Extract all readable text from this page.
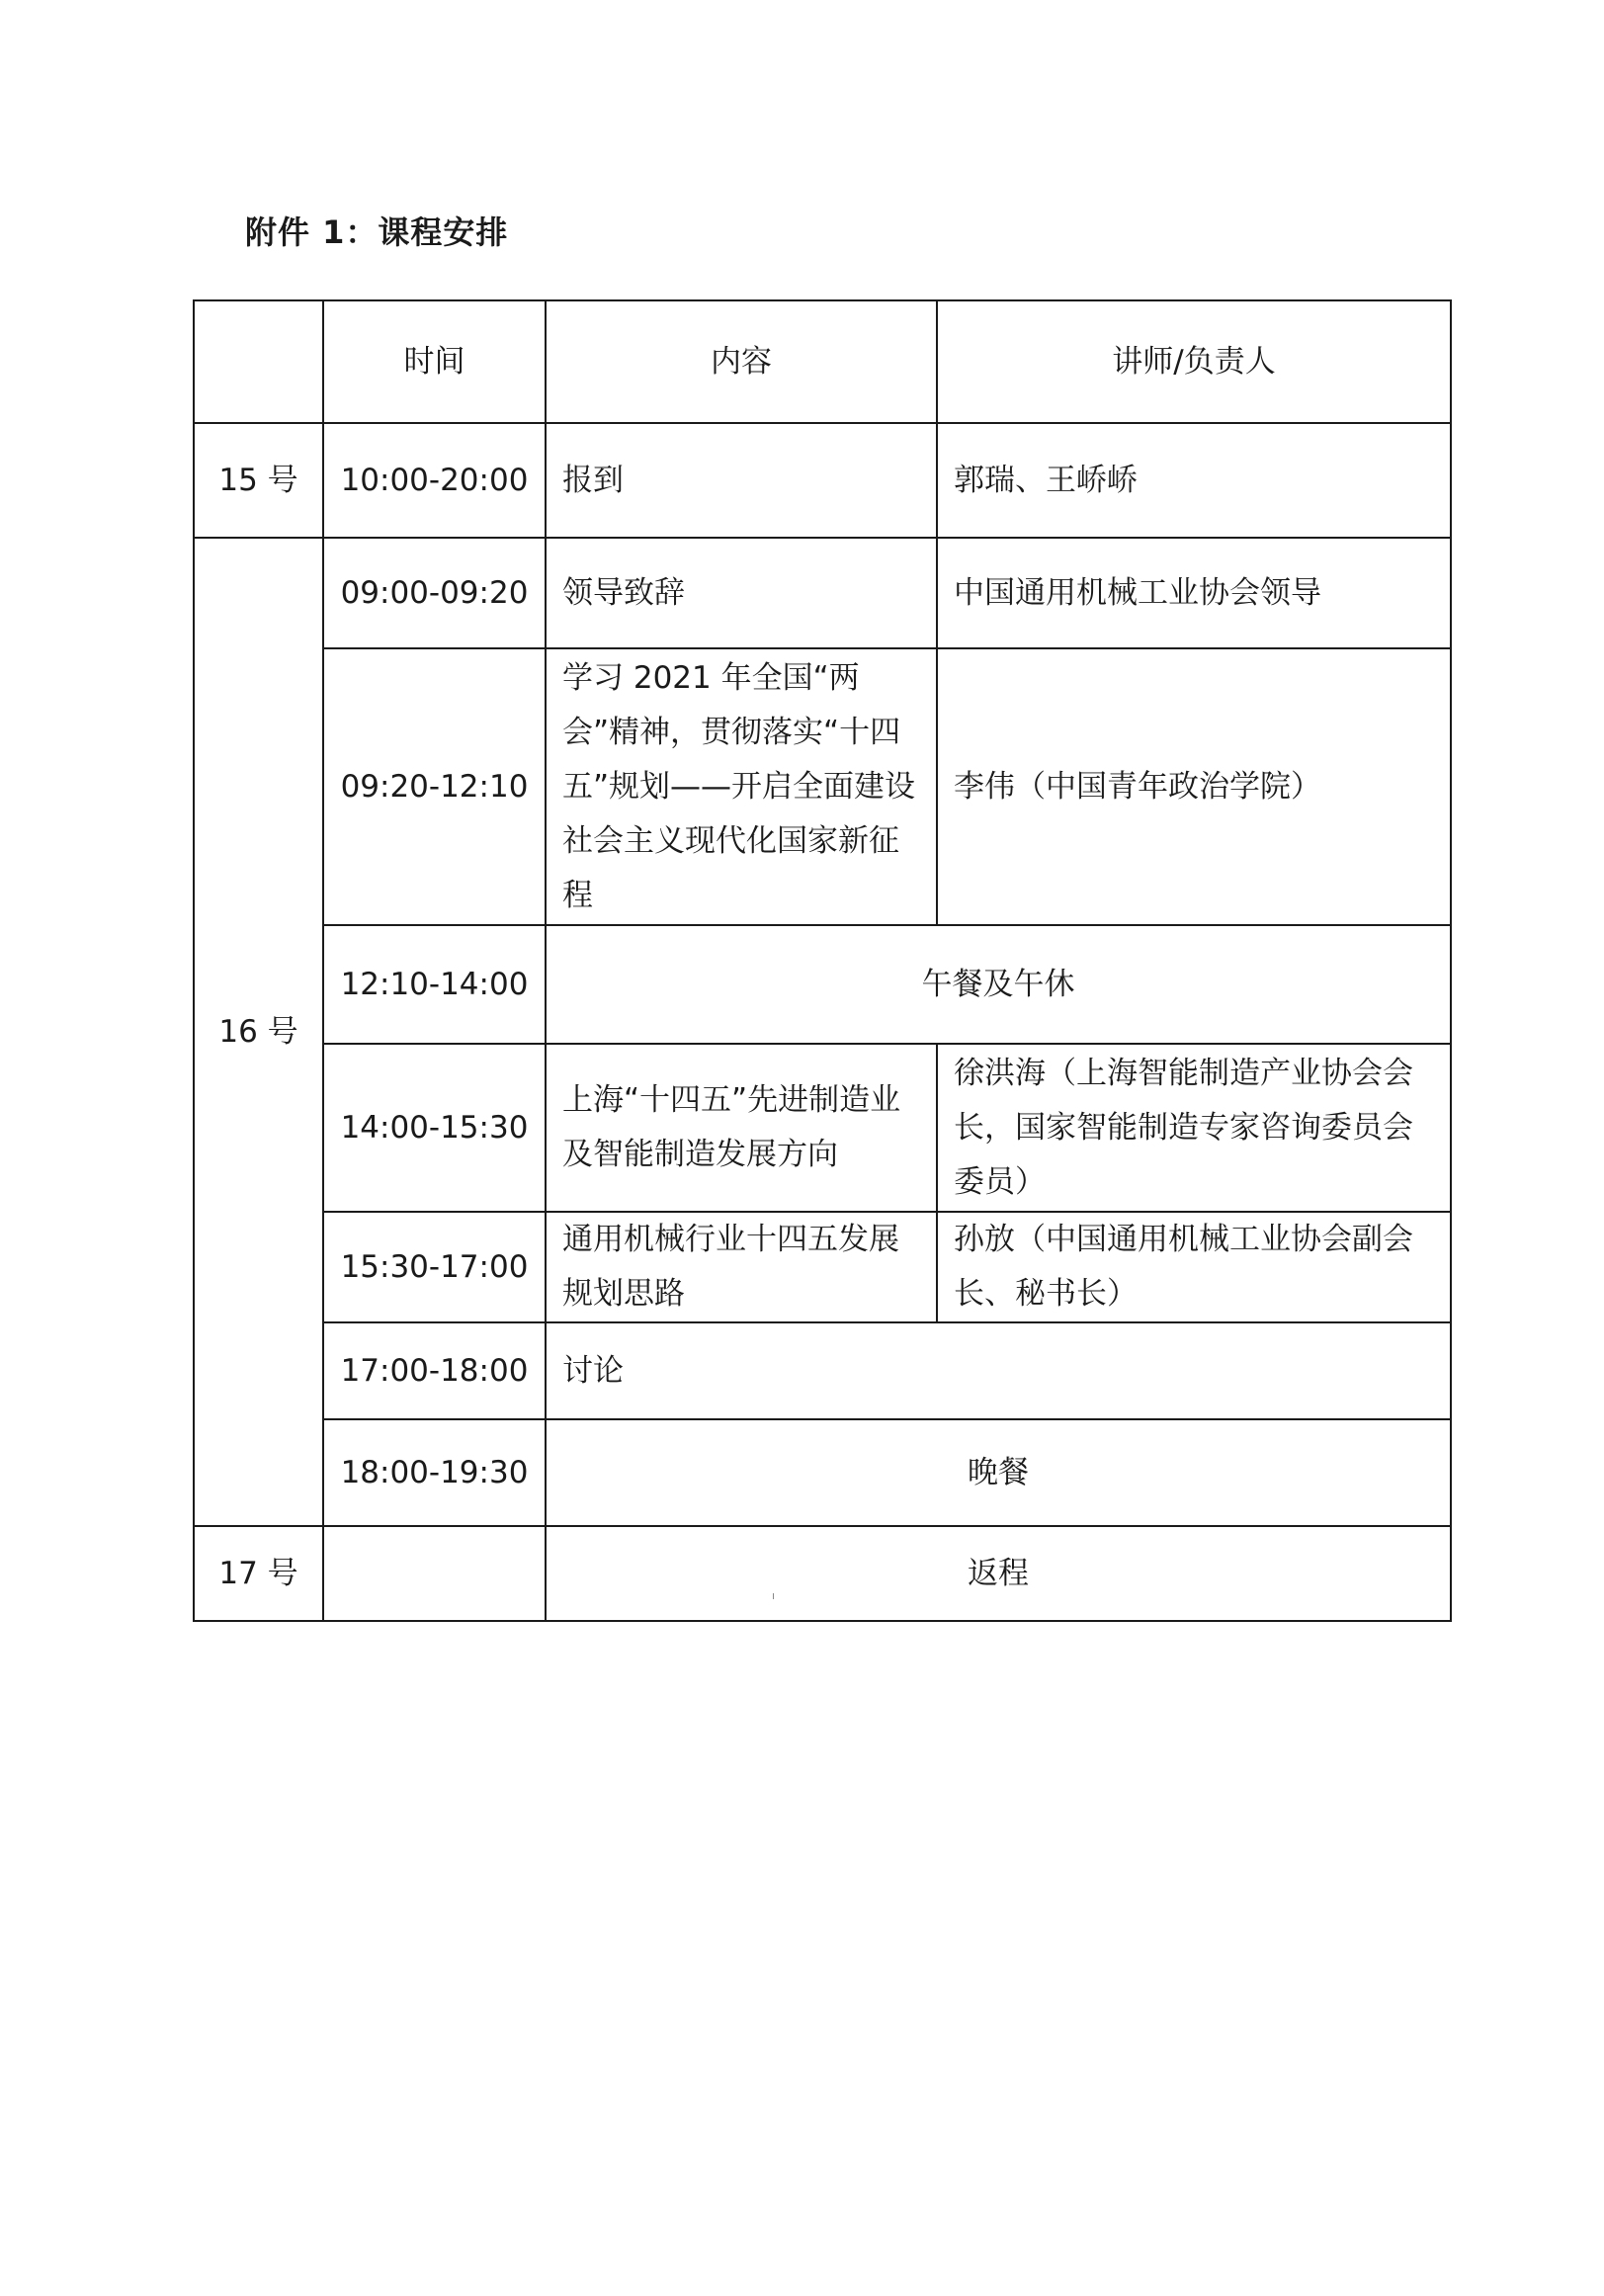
附件 1：课程安排
	时间	内容	讲师/负责人
15 号	10:00-20:00	报到	郭瑞、王峤峤
16 号	09:00-09:20	领导致辞	中国通用机械工业协会领导
	09:20-12:10	学习 2021 年全国“两会”精神，贯彻落实“十四五”规划——开启全面建设社会主义现代化国家新征程	李伟（中国青年政治学院）
	12:10-14:00	午餐及午休	
	14:00-15:30	上海“十四五”先进制造业及智能制造发展方向	徐洪海（上海智能制造产业协会会长，国家智能制造专家咨询委员会委员）
	15:30-17:00	通用机械行业十四五发展规划思路	孙放（中国通用机械工业协会副会长、秘书长）
	17:00-18:00	讨论	
	18:00-19:30	晚餐	
17 号		返程	
